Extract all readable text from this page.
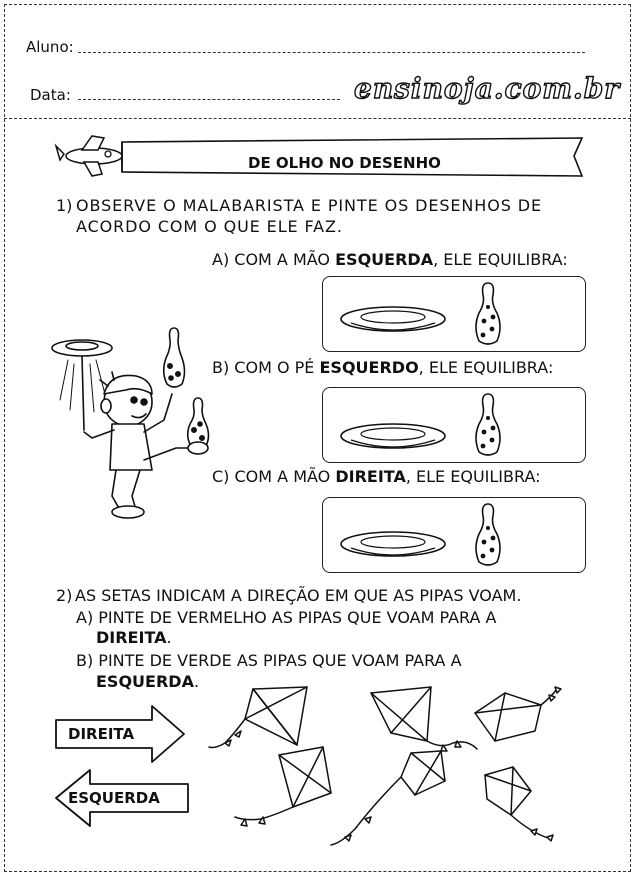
Aluno:
Data:	ensinoja.com.br
DE OLHO NO DESENHO
1) OBSERVE O MALABARISTA E PINTE OS DESENHOS DE
ACORDO COM O QUE ELE FAZ.
A) COM A MÃO ESQUERDA, ELE EQUILIBRA:
B) COM O PÉ ESQUERDO, ELE EQUILIBRA:
C) COM A MÃO DIREITA, ELE EQUILIBRA:
2) AS SETAS INDICAM A DIREÇÃO EM QUE AS PIPAS VOAM.
A) PINTE DE VERMELHO AS PIPAS QUE VOAM PARA A
DIREITA.
B) PINTE DE VERDE AS PIPAS QUE VOAM PARA A
ESQUERDA.
DIREITA
ESQUERDA
